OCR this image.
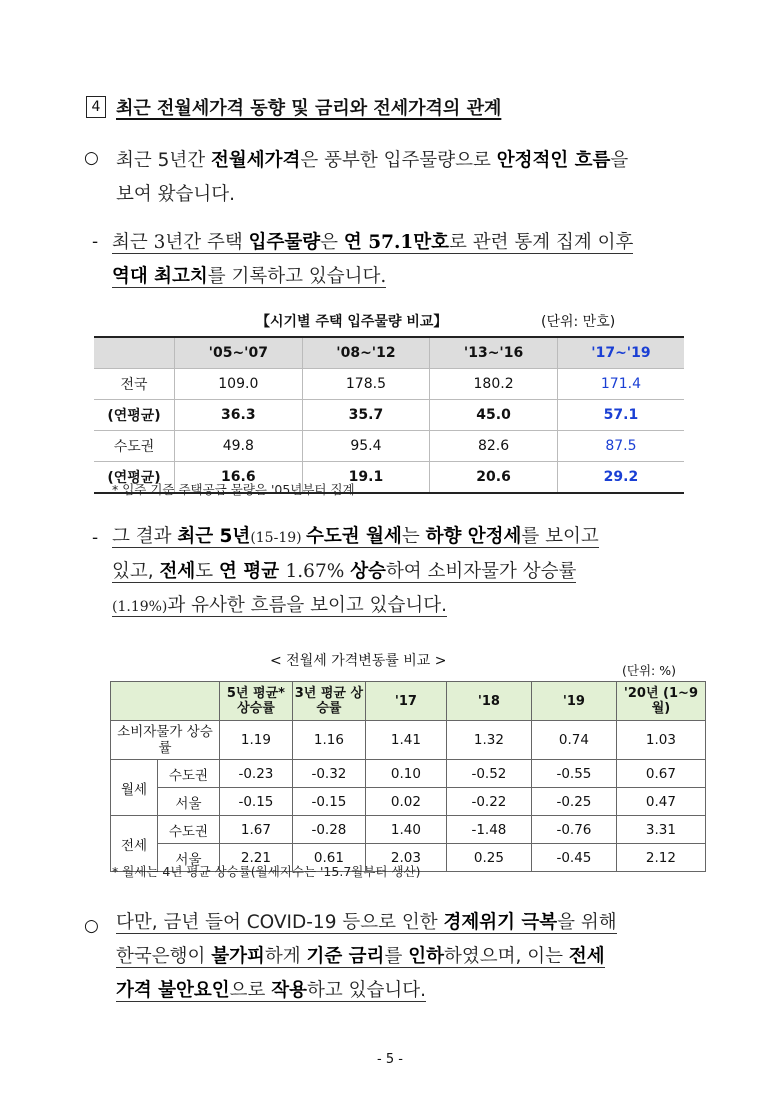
4 최근 전월세가격 동향 및 금리와 전세가격의 관계
○ 최근 5년간 전월세가격은 풍부한 입주물량으로 안정적인 흐름을
보여 왔습니다.
- 최근 3년간 주택 입주물량은 연 57.1만호로 관련 통계 집계 이후
역대 최고치를 기록하고 있습니다.
【시기별 주택 입주물량 비교】	(단위: 만호)
	'05~'07	'08~'12	'13~'16	'17~'19
전국	109.0	178.5	180.2	171.4
(연평균)	36.3	35.7	45.0	57.1
수도권	49.8	95.4	82.6	87.5
(연평균)	16.6	19.1	20.6	29.2
* 입주 기준 주택공급 물량은 '05년부터 집계
- 그 결과 최근 5년(15-19) 수도권 월세는 하향 안정세를 보이고
있고, 전세도 연 평균 1.67% 상승하여 소비자물가 상승률
(1.19%)과 유사한 흐름을 보이고 있습니다.
< 전월세 가격변동률 비교 >
(단위: %)
		5년 평균* 상승률	3년 평균 상승률	'17	'18	'19	'20년 (1~9월)
소비자물가 상승률		1.19	1.16	1.41	1.32	0.74	1.03
월세	수도권	-0.23	-0.32	0.10	-0.52	-0.55	0.67
	서울	-0.15	-0.15	0.02	-0.22	-0.25	0.47
전세	수도권	1.67	-0.28	1.40	-1.48	-0.76	3.31
	서울	2.21	0.61	2.03	0.25	-0.45	2.12
* 월세는 4년 평균 상승률(월세지수는 '15.7월부터 생산)
○ 다만, 금년 들어 COVID-19 등으로 인한 경제위기 극복을 위해
한국은행이 불가피하게 기준 금리를 인하하였으며, 이는 전세
가격 불안요인으로 작용하고 있습니다.
- 5 -
